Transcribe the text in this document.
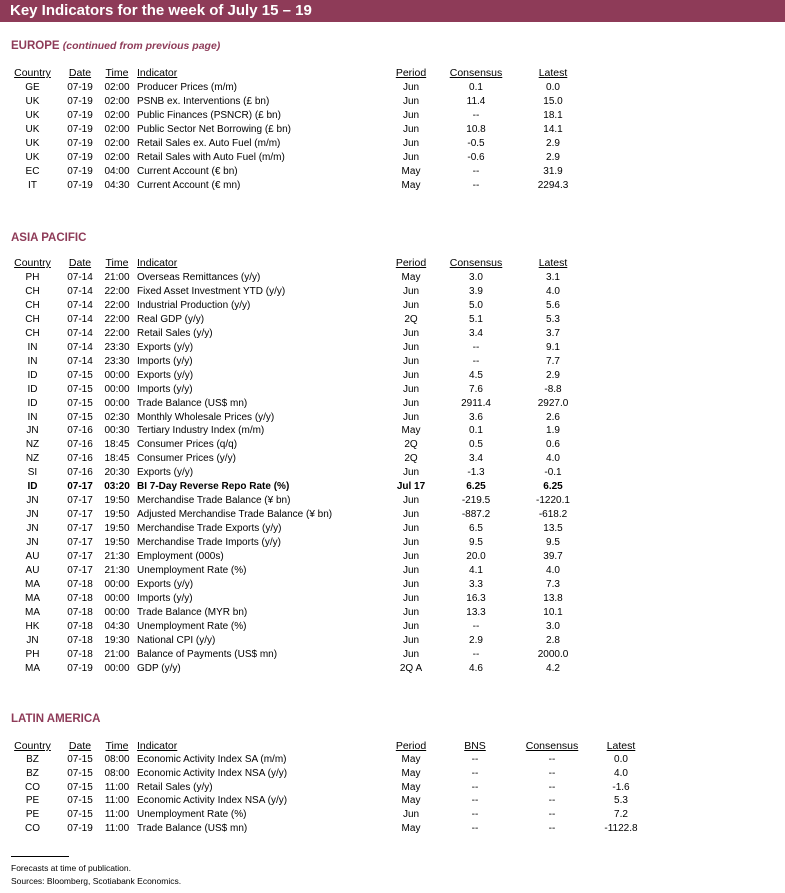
Key Indicators for the week of July 15 – 19
EUROPE (continued from previous page)
Country	Date	Time Indicator	Period	Consensus	Latest
GE	07-19	02:00 Producer Prices (m/m)	Jun	0.1	0.0
UK	07-19	02:00 PSNB ex. Interventions (£ bn)	Jun	11.4	15.0
UK	07-19	02:00 Public Finances (PSNCR) (£ bn)	Jun	--	18.1
UK	07-19	02:00 Public Sector Net Borrowing (£ bn)	Jun	10.8	14.1
UK	07-19	02:00 Retail Sales ex. Auto Fuel (m/m)	Jun	-0.5	2.9
UK	07-19	02:00 Retail Sales with Auto Fuel (m/m)	Jun	-0.6	2.9
EC	07-19	04:00 Current Account (€ bn)	May	--	31.9
IT	07-19	04:30 Current Account (€ mn)	May	--	2294.3
ASIA PACIFIC
Country	Date	Time Indicator	Period	Consensus	Latest
PH	07-14	21:00 Overseas Remittances (y/y)	May	3.0	3.1
CH	07-14	22:00 Fixed Asset Investment YTD (y/y)	Jun	3.9	4.0
CH	07-14	22:00 Industrial Production (y/y)	Jun	5.0	5.6
CH	07-14	22:00 Real GDP (y/y)	2Q	5.1	5.3
CH	07-14	22:00 Retail Sales (y/y)	Jun	3.4	3.7
IN	07-14	23:30 Exports (y/y)	Jun	--	9.1
IN	07-14	23:30 Imports (y/y)	Jun	--	7.7
ID	07-15	00:00 Exports (y/y)	Jun	4.5	2.9
ID	07-15	00:00 Imports (y/y)	Jun	7.6	-8.8
ID	07-15	00:00 Trade Balance (US$ mn)	Jun	2911.4	2927.0
IN	07-15	02:30 Monthly Wholesale Prices (y/y)	Jun	3.6	2.6
JN	07-16	00:30 Tertiary Industry Index (m/m)	May	0.1	1.9
NZ	07-16	18:45 Consumer Prices (q/q)	2Q	0.5	0.6
NZ	07-16	18:45 Consumer Prices (y/y)	2Q	3.4	4.0
SI	07-16	20:30 Exports (y/y)	Jun	-1.3	-0.1
ID	07-17	03:20 BI 7-Day Reverse Repo Rate (%)	Jul 17	6.25	6.25
JN	07-17	19:50 Merchandise Trade Balance (¥ bn)	Jun	-219.5	-1220.1
JN	07-17	19:50 Adjusted Merchandise Trade Balance (¥ bn)	Jun	-887.2	-618.2
JN	07-17	19:50 Merchandise Trade Exports (y/y)	Jun	6.5	13.5
JN	07-17	19:50 Merchandise Trade Imports (y/y)	Jun	9.5	9.5
AU	07-17	21:30 Employment (000s)	Jun	20.0	39.7
AU	07-17	21:30 Unemployment Rate (%)	Jun	4.1	4.0
MA	07-18	00:00 Exports (y/y)	Jun	3.3	7.3
MA	07-18	00:00 Imports (y/y)	Jun	16.3	13.8
MA	07-18	00:00 Trade Balance (MYR bn)	Jun	13.3	10.1
HK	07-18	04:30 Unemployment Rate (%)	Jun	--	3.0
JN	07-18	19:30 National CPI (y/y)	Jun	2.9	2.8
PH	07-18	21:00 Balance of Payments (US$ mn)	Jun	--	2000.0
MA	07-19	00:00 GDP (y/y)	2Q A	4.6	4.2
LATIN AMERICA
Country	Date	Time Indicator	Period	BNS	Consensus	Latest
BZ	07-15	08:00 Economic Activity Index SA (m/m)	May	--	--	0.0
BZ	07-15	08:00 Economic Activity Index NSA (y/y)	May	--	--	4.0
CO	07-15	11:00 Retail Sales (y/y)	May	--	--	-1.6
PE	07-15	11:00 Economic Activity Index NSA (y/y)	May	--	--	5.3
PE	07-15	11:00 Unemployment Rate (%)	Jun	--	--	7.2
CO	07-19	11:00 Trade Balance (US$ mn)	May	--	--	-1122.8
Forecasts at time of publication.
Sources: Bloomberg, Scotiabank Economics.
